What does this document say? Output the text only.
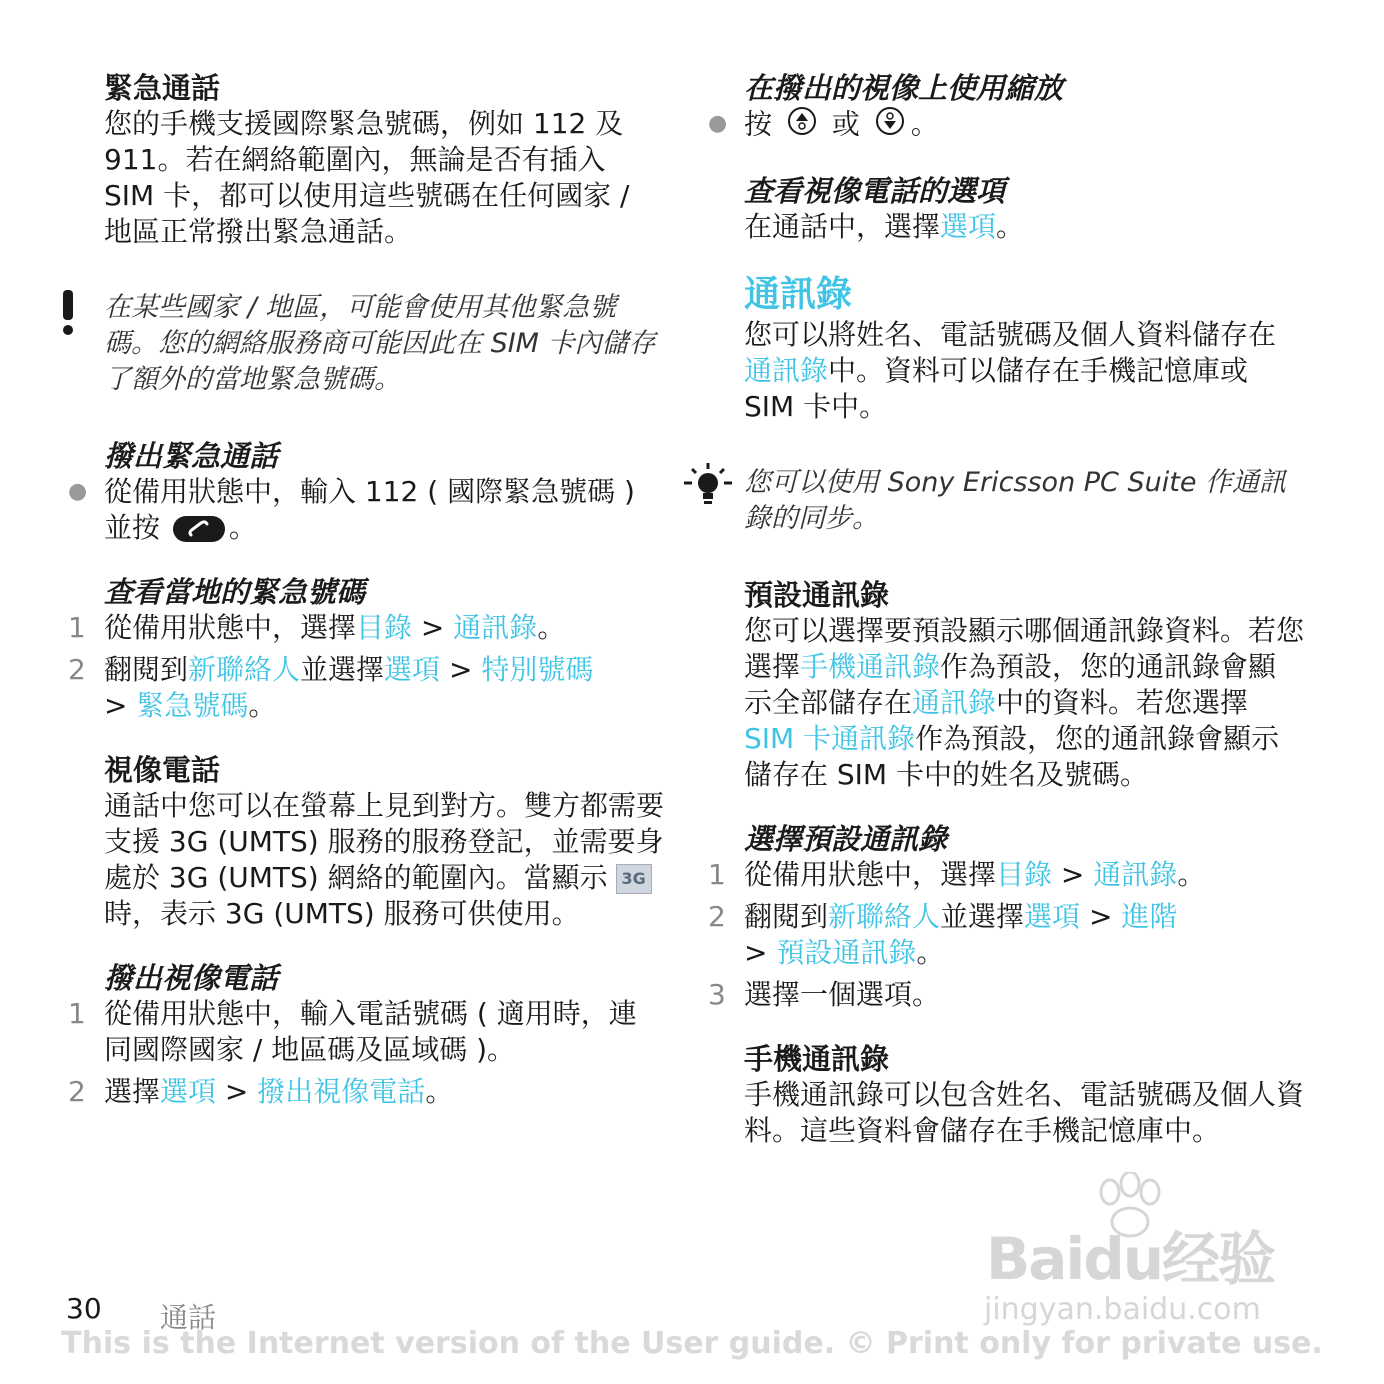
緊急通話

您的手機支援國際緊急號碼，例如 112 及 911。若在網絡範圍內，無論是否有插入 SIM 卡，都可以使用這些號碼在任何國家 / 地區正常撥出緊急通話。

在某些國家 / 地區，可能會使用其他緊急號碼。您的網絡服務商可能因此在 SIM 卡內儲存了額外的當地緊急號碼。
撥出緊急通話
● 從備用狀態中，輸入 112 ( 國際緊急號碼 ) 並按 。
查看當地的緊急號碼
1 從備用狀態中，選擇目錄 > 通訊錄。
2 翻閱到新聯絡人並選擇選項 > 特別號碼
> 緊急號碼。
視像電話

通話中您可以在螢幕上見到對方。雙方都需要支援 3G (UMTS) 服務的服務登記，並需要身處於 3G (UMTS) 網絡的範圍內。當顯示 3G時，表示 3G (UMTS) 服務可供使用。

撥出視像電話
1 從備用狀態中，輸入電話號碼 ( 適用時，連同國際國家 / 地區碼及區域碼 )。
2 選擇選項 > 撥出視像電話。
在撥出的視像上使用縮放
● 按 或 。
查看視像電話的選項

在通話中，選擇選項。

通訊錄

您可以將姓名、電話號碼及個人資料儲存在通訊錄中。資料可以儲存在手機記憶庫或 SIM 卡中。

您可以使用 Sony Ericsson PC Suite 作通訊錄的同步。
預設通訊錄

您可以選擇要預設顯示哪個通訊錄資料。若您選擇手機通訊錄作為預設，您的通訊錄會顯示全部儲存在通訊錄中的資料。若您選擇 SIM 卡通訊錄作為預設，您的通訊錄會顯示儲存在 SIM 卡中的姓名及號碼。

選擇預設通訊錄
1 從備用狀態中，選擇目錄 > 通訊錄。
2 翻閱到新聯絡人並選擇選項 > 進階
> 預設通訊錄。
3 選擇一個選項。
手機通訊錄

手機通訊錄可以包含姓名、電話號碼及個人資料。這些資料會儲存在手機記憶庫中。

30 通話
This is the Internet version of the User guide. © Print only for private use.
Baidu经验
jingyan.baidu.com
